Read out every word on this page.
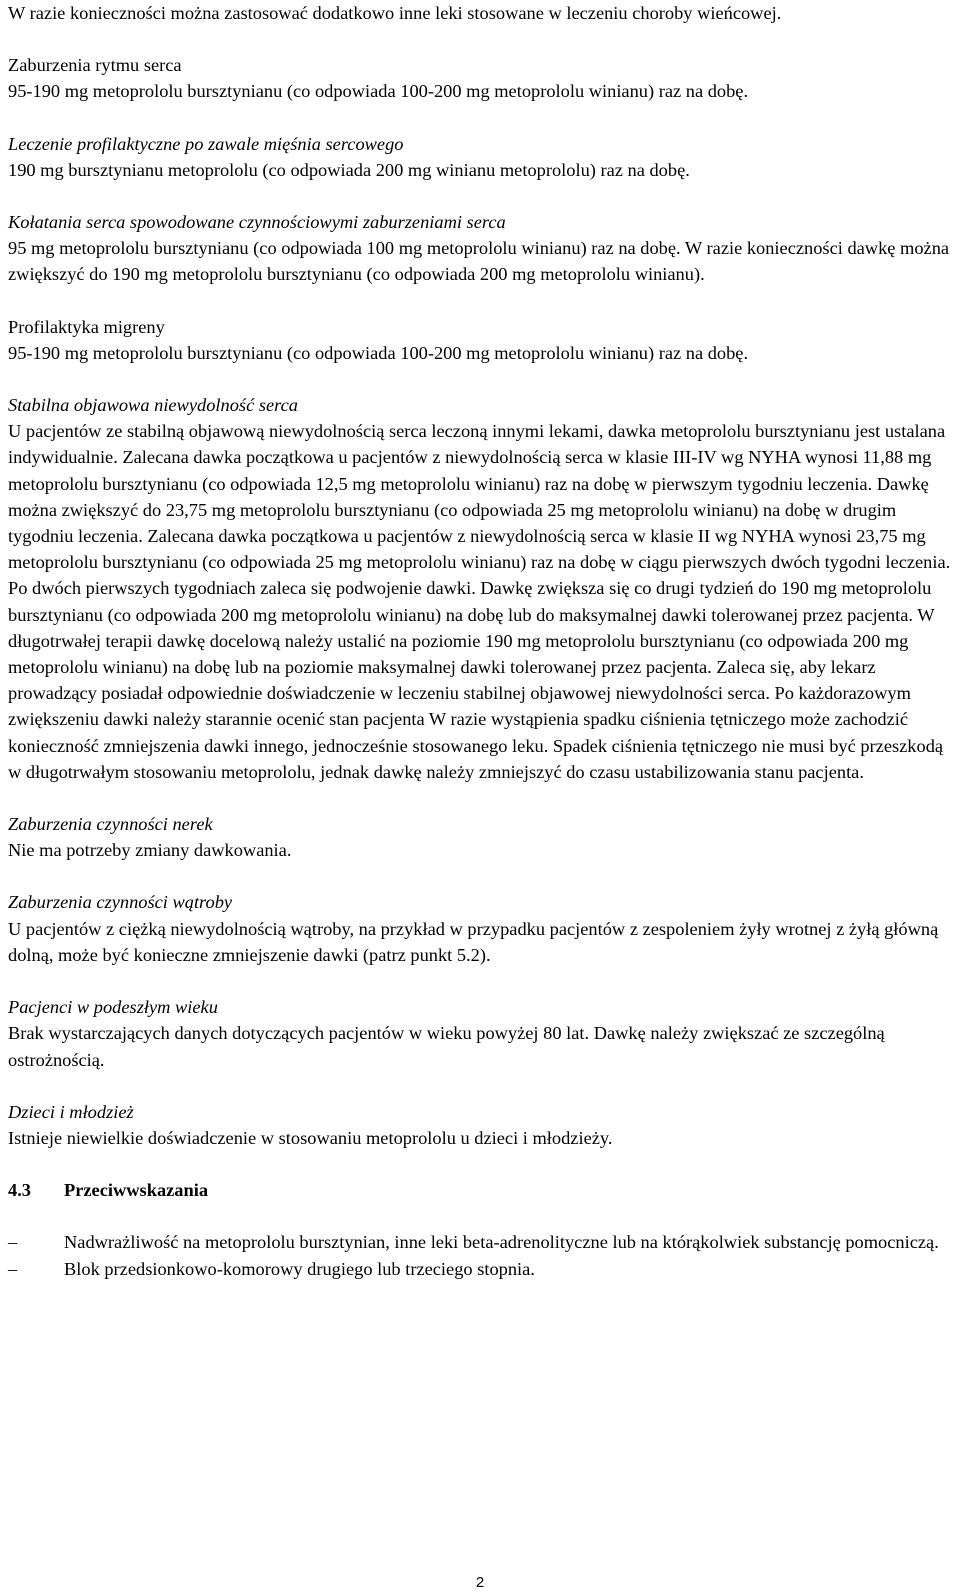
W razie konieczności można zastosować dodatkowo inne leki stosowane w leczeniu choroby wieńcowej.

Zaburzenia rytmu serca

95-190 mg metoprololu bursztynianu (co odpowiada 100-200 mg metoprololu winianu) raz na dobę.

Leczenie profilaktyczne po zawale mięśnia sercowego

190 mg bursztynianu metoprololu (co odpowiada 200 mg winianu metoprololu) raz na dobę.

Kołatania serca spowodowane czynnościowymi zaburzeniami serca

95 mg metoprololu bursztynianu (co odpowiada 100 mg metoprololu winianu) raz na dobę. W razie konieczności dawkę można zwiększyć do 190 mg metoprololu bursztynianu (co odpowiada 200 mg metoprololu winianu).

Profilaktyka migreny

95-190 mg metoprololu bursztynianu (co odpowiada 100-200 mg metoprololu winianu) raz na dobę.

Stabilna objawowa niewydolność serca

U pacjentów ze stabilną objawową niewydolnością serca leczoną innymi lekami, dawka metoprololu bursztynianu jest ustalana indywidualnie. Zalecana dawka początkowa u pacjentów z niewydolnością serca w klasie III-IV wg NYHA wynosi 11,88 mg metoprololu bursztynianu (co odpowiada 12,5 mg metoprololu winianu) raz na dobę w pierwszym tygodniu leczenia. Dawkę można zwiększyć do 23,75 mg metoprololu bursztynianu (co odpowiada 25 mg metoprololu winianu) na dobę w drugim tygodniu leczenia. Zalecana dawka początkowa u pacjentów z niewydolnością serca w klasie II wg NYHA wynosi 23,75 mg metoprololu bursztynianu (co odpowiada 25 mg metoprololu winianu) raz na dobę w ciągu pierwszych dwóch tygodni leczenia. Po dwóch pierwszych tygodniach zaleca się podwojenie dawki. Dawkę zwiększa się co drugi tydzień do 190 mg metoprololu bursztynianu (co odpowiada 200 mg metoprololu winianu) na dobę lub do maksymalnej dawki tolerowanej przez pacjenta. W długotrwałej terapii dawkę docelową należy ustalić na poziomie 190 mg metoprololu bursztynianu (co odpowiada 200 mg metoprololu winianu) na dobę lub na poziomie maksymalnej dawki tolerowanej przez pacjenta. Zaleca się, aby lekarz prowadzący posiadał odpowiednie doświadczenie w leczeniu stabilnej objawowej niewydolności serca. Po każdorazowym zwiększeniu dawki należy starannie ocenić stan pacjenta W razie wystąpienia spadku ciśnienia tętniczego może zachodzić konieczność zmniejszenia dawki innego, jednocześnie stosowanego leku. Spadek ciśnienia tętniczego nie musi być przeszkodą w długotrwałym stosowaniu metoprololu, jednak dawkę należy zmniejszyć do czasu ustabilizowania stanu pacjenta.

Zaburzenia czynności nerek

Nie ma potrzeby zmiany dawkowania.

Zaburzenia czynności wątroby

U pacjentów z ciężką niewydolnością wątroby, na przykład w przypadku pacjentów z zespoleniem żyły wrotnej z żyłą główną dolną, może być konieczne zmniejszenie dawki (patrz punkt 5.2).

Pacjenci w podeszłym wieku

Brak wystarczających danych dotyczących pacjentów w wieku powyżej 80 lat. Dawkę należy zwiększać ze szczególną ostrożnością.

Dzieci i młodzież

Istnieje niewielkie doświadczenie w stosowaniu metoprololu u dzieci i młodzieży.

4.3	Przeciwwskazania
–	Nadwrażliwość na metoprololu bursztynian, inne leki beta-adrenolityczne lub na którąkolwiek substancję pomocniczą.
–	Blok przedsionkowo-komorowy drugiego lub trzeciego stopnia.
2
